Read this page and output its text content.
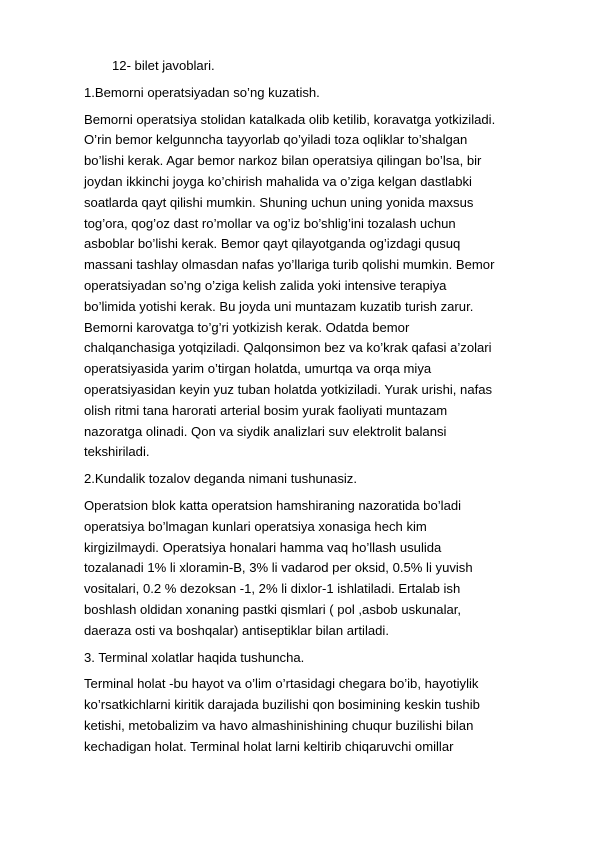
12- bilet javoblari.
1.Bemorni operatsiyadan so’ng kuzatish.
Bemorni operatsiya stolidan katalkada olib ketilib, koravatga yotkiziladi.
O’rin bemor kelgunncha tayyorlab qo’yiladi toza oqliklar to’shalgan
bo’lishi kerak. Agar bemor narkoz bilan operatsiya qilingan bo’lsa, bir
joydan ikkinchi joyga ko’chirish mahalida va o’ziga kelgan dastlabki
soatlarda qayt qilishi mumkin. Shuning uchun uning yonida maxsus
tog’ora, qog’oz dast ro’mollar va og’iz bo’shlig’ini tozalash uchun
asboblar bo’lishi kerak. Bemor qayt qilayotganda og’izdagi qusuq
massani tashlay olmasdan nafas yo’llariga turib qolishi mumkin. Bemor
operatsiyadan so’ng o’ziga kelish zalida yoki intensive terapiya
bo’limida yotishi kerak. Bu joyda uni muntazam kuzatib turish zarur.
Bemorni karovatga to’g’ri yotkizish kerak. Odatda bemor
chalqanchasiga yotqiziladi. Qalqonsimon bez va ko’krak qafasi a’zolari
operatsiyasida yarim o’tirgan holatda, umurtqa va orqa miya
operatsiyasidan keyin yuz tuban holatda yotkiziladi. Yurak urishi, nafas
olish ritmi tana harorati arterial bosim yurak faoliyati muntazam
nazoratga olinadi. Qon va siydik analizlari suv elektrolit balansi
tekshiriladi.
2.Kundalik tozalov deganda nimani tushunasiz.
Operatsion blok katta operatsion hamshiraning nazoratida bo’ladi
operatsiya bo’lmagan kunlari operatsiya xonasiga hech kim
kirgizilmaydi. Operatsiya honalari hamma vaq ho’llash usulida
tozalanadi 1% li xloramin-B, 3% li vadarod per oksid, 0.5% li yuvish
vositalari, 0.2 % dezoksan -1, 2% li dixlor-1 ishlatiladi. Ertalab ish
boshlash oldidan xonaning pastki qismlari ( pol ,asbob uskunalar,
daeraza osti va boshqalar) antiseptiklar bilan artiladi.
3. Terminal xolatlar haqida tushuncha.
Terminal holat -bu hayot va o’lim o’rtasidagi chegara bo’ib, hayotiylik
ko’rsatkichlarni kiritik darajada buzilishi qon bosimining keskin tushib
ketishi, metobalizim va havo almashinishining chuqur buzilishi bilan
kechadigan holat. Terminal holat larni keltirib chiqaruvchi omillar
